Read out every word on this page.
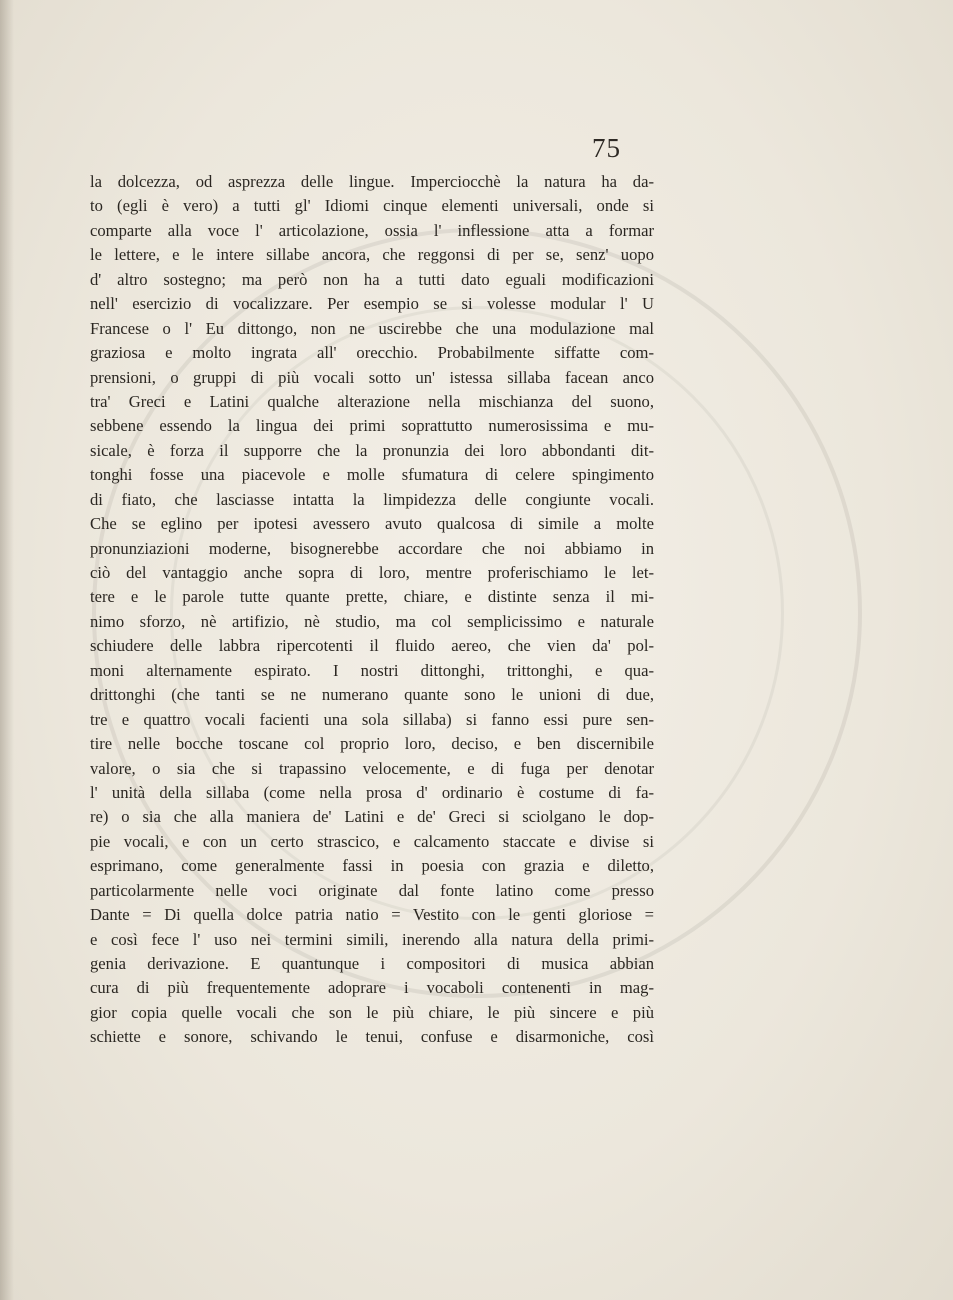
75
la dolcezza, od asprezza delle lingue. Imperciocchè la natura ha da-
to (egli è vero) a tutti gl' Idiomi cinque elementi universali, onde si
comparte alla voce l' articolazione, ossia l' inflessione atta a formar
le lettere, e le intere sillabe ancora, che reggonsi di per se, senz' uopo
d' altro sostegno; ma però non ha a tutti dato eguali modificazioni
nell' esercizio di vocalizzare. Per esempio se si volesse modular l' U
Francese o l' Eu dittongo, non ne uscirebbe che una modulazione mal
graziosa e molto ingrata all' orecchio. Probabilmente siffatte com-
prensioni, o gruppi di più vocali sotto un' istessa sillaba facean anco
tra' Greci e Latini qualche alterazione nella mischianza del suono,
sebbene essendo la lingua dei primi soprattutto numerosissima e mu-
sicale, è forza il supporre che la pronunzia dei loro abbondanti dit-
tonghi fosse una piacevole e molle sfumatura di celere spingimento
di fiato, che lasciasse intatta la limpidezza delle congiunte vocali.
Che se eglino per ipotesi avessero avuto qualcosa di simile a molte
pronunziazioni moderne, bisognerebbe accordare che noi abbiamo in
ciò del vantaggio anche sopra di loro, mentre proferischiamo le let-
tere e le parole tutte quante prette, chiare, e distinte senza il mi-
nimo sforzo, nè artifizio, nè studio, ma col semplicissimo e naturale
schiudere delle labbra ripercotenti il fluido aereo, che vien da' pol-
moni alternamente espirato. I nostri dittonghi, trittonghi, e qua-
drittonghi (che tanti se ne numerano quante sono le unioni di due,
tre e quattro vocali facienti una sola sillaba) si fanno essi pure sen-
tire nelle bocche toscane col proprio loro, deciso, e ben discernibile
valore, o sia che si trapassino velocemente, e di fuga per denotar
l' unità della sillaba (come nella prosa d' ordinario è costume di fa-
re) o sia che alla maniera de' Latini e de' Greci si sciolgano le dop-
pie vocali, e con un certo strascico, e calcamento staccate e divise si
esprimano, come generalmente fassi in poesia con grazia e diletto,
particolarmente nelle voci originate dal fonte latino come presso
Dante = Di quella dolce patria natio = Vestito con le genti gloriose =
e così fece l' uso nei termini simili, inerendo alla natura della primi-
genia derivazione. E quantunque i compositori di musica abbian
cura di più frequentemente adoprare i vocaboli contenenti in mag-
gior copia quelle vocali che son le più chiare, le più sincere e più
schiette e sonore, schivando le tenui, confuse e disarmoniche, così
